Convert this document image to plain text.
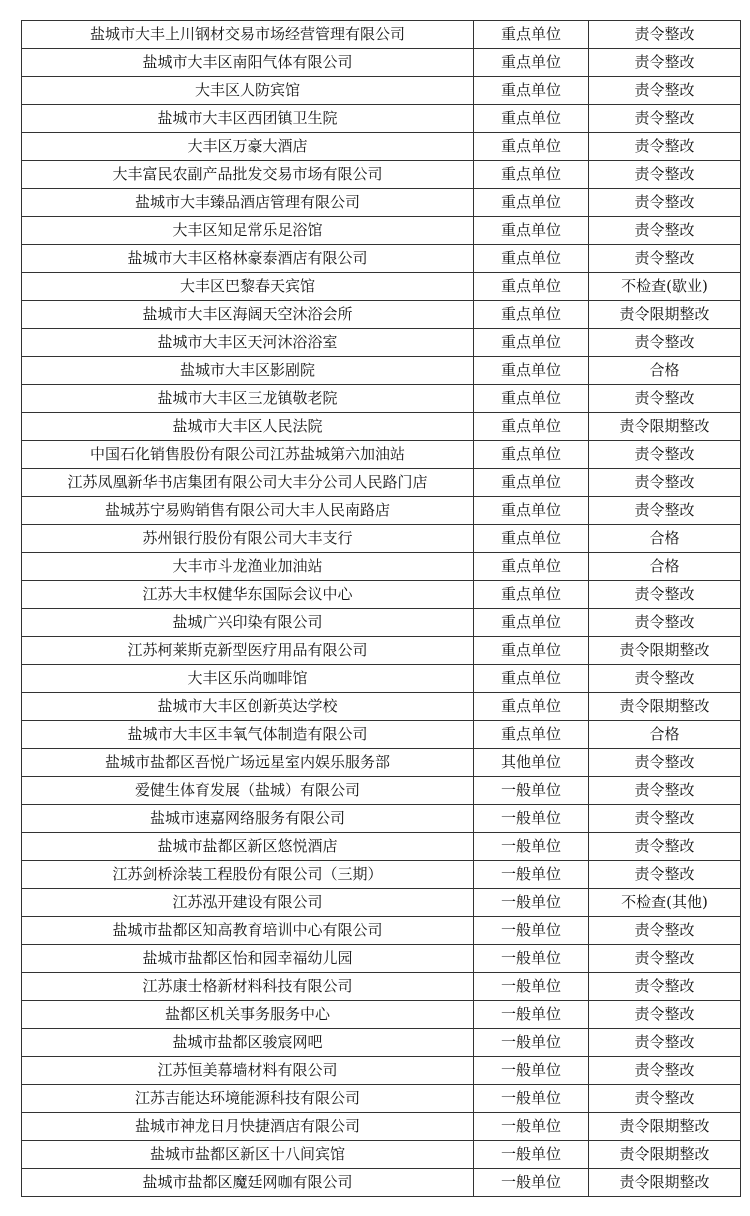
盐城市大丰上川钢材交易市场经营管理有限公司	重点单位	责令整改
盐城市大丰区南阳气体有限公司	重点单位	责令整改
大丰区人防宾馆	重点单位	责令整改
盐城市大丰区西团镇卫生院	重点单位	责令整改
大丰区万豪大酒店	重点单位	责令整改
大丰富民农副产品批发交易市场有限公司	重点单位	责令整改
盐城市大丰臻品酒店管理有限公司	重点单位	责令整改
大丰区知足常乐足浴馆	重点单位	责令整改
盐城市大丰区格林豪泰酒店有限公司	重点单位	责令整改
大丰区巴黎春天宾馆	重点单位	不检查(歇业)
盐城市大丰区海阔天空沐浴会所	重点单位	责令限期整改
盐城市大丰区天河沐浴浴室	重点单位	责令整改
盐城市大丰区影剧院	重点单位	合格
盐城市大丰区三龙镇敬老院	重点单位	责令整改
盐城市大丰区人民法院	重点单位	责令限期整改
中国石化销售股份有限公司江苏盐城第六加油站	重点单位	责令整改
江苏凤凰新华书店集团有限公司大丰分公司人民路门店	重点单位	责令整改
盐城苏宁易购销售有限公司大丰人民南路店	重点单位	责令整改
苏州银行股份有限公司大丰支行	重点单位	合格
大丰市斗龙渔业加油站	重点单位	合格
江苏大丰权健华东国际会议中心	重点单位	责令整改
盐城广兴印染有限公司	重点单位	责令整改
江苏柯莱斯克新型医疗用品有限公司	重点单位	责令限期整改
大丰区乐尚咖啡馆	重点单位	责令整改
盐城市大丰区创新英达学校	重点单位	责令限期整改
盐城市大丰区丰氧气体制造有限公司	重点单位	合格
盐城市盐都区吾悦广场远星室内娱乐服务部	其他单位	责令整改
爱健生体育发展（盐城）有限公司	一般单位	责令整改
盐城市速嘉网络服务有限公司	一般单位	责令整改
盐城市盐都区新区悠悦酒店	一般单位	责令整改
江苏剑桥涂装工程股份有限公司（三期）	一般单位	责令整改
江苏泓开建设有限公司	一般单位	不检查(其他)
盐城市盐都区知高教育培训中心有限公司	一般单位	责令整改
盐城市盐都区怡和园幸福幼儿园	一般单位	责令整改
江苏康士格新材料科技有限公司	一般单位	责令整改
盐都区机关事务服务中心	一般单位	责令整改
盐城市盐都区骏宸网吧	一般单位	责令整改
江苏恒美幕墙材料有限公司	一般单位	责令整改
江苏吉能达环境能源科技有限公司	一般单位	责令整改
盐城市神龙日月快捷酒店有限公司	一般单位	责令限期整改
盐城市盐都区新区十八间宾馆	一般单位	责令限期整改
盐城市盐都区魔廷网咖有限公司	一般单位	责令限期整改
